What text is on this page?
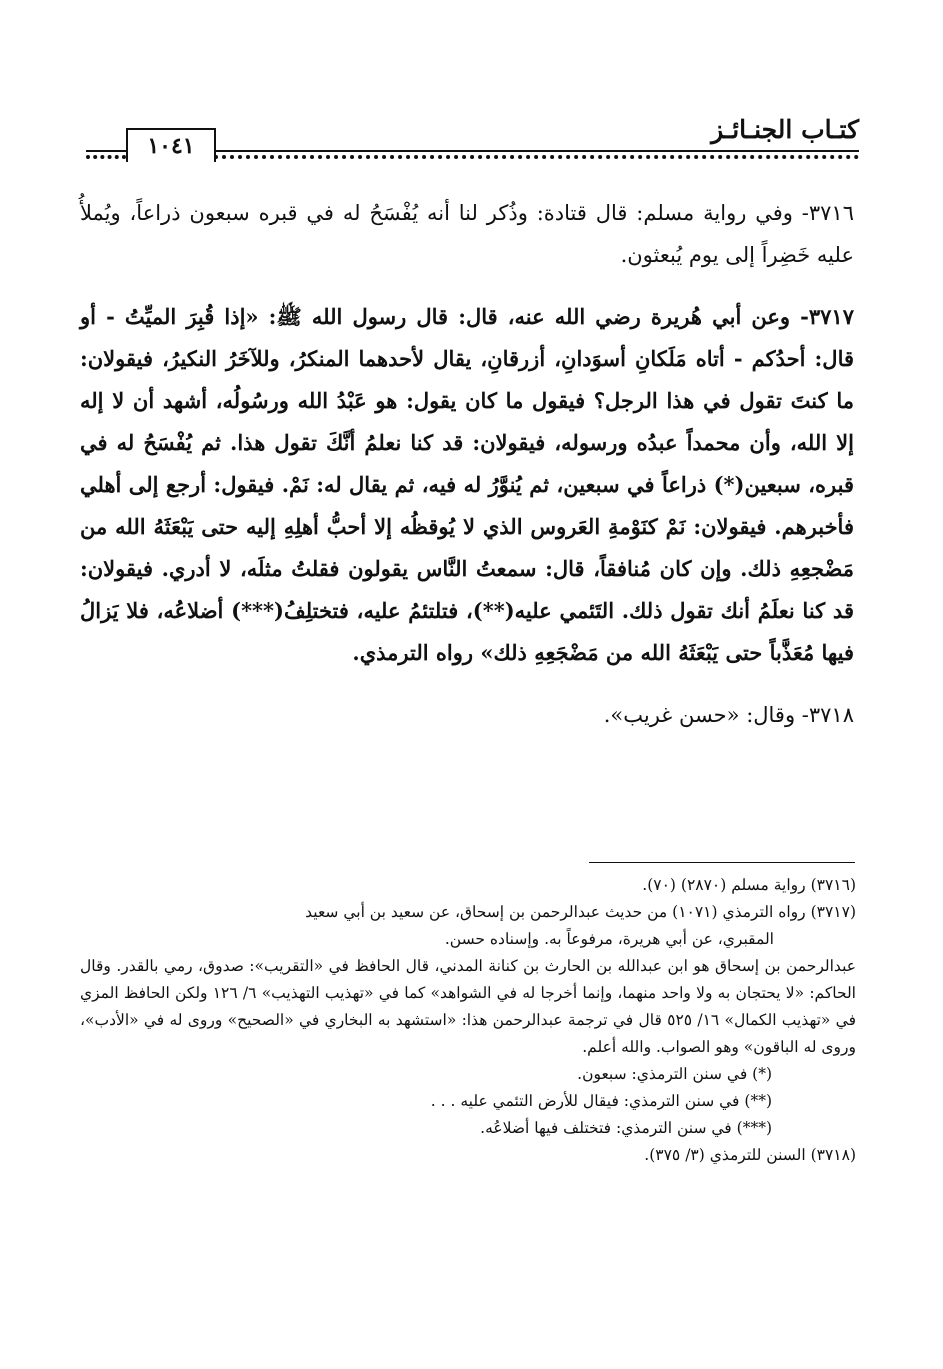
كتـاب الجنـائـز
١٠٤١

٣٧١٦- وفي رواية مسلم: قال قتادة: وذُكر لنا أنه يُفْسَحُ له في قبره سبعون ذراعاً، ويُملأُ عليه خَضِراً إلى يوم يُبعثون.

٣٧١٧- وعن أبي هُريرة رضي الله عنه، قال: قال رسول الله ﷺ: «إذا قُبِرَ الميِّتُ - أو قال: أحدُكم - أتاه مَلَكانِ أسوَدانِ، أزرقانِ، يقال لأحدهما المنكرُ، وللآخَرُ النكيرُ، فيقولان: ما كنتَ تقول في هذا الرجل؟ فيقول ما كان يقول: هو عَبْدُ الله ورسُولُه، أشهد أن لا إله إلا الله، وأن محمداً عبدُه ورسوله، فيقولان: قد كنا نعلمُ أنَّكَ تقول هذا. ثم يُفْسَحُ له في قبره، سبعين(*) ذراعاً في سبعين، ثم يُنوَّرُ له فيه، ثم يقال له: نَمْ. فيقول: أرجع إلى أهلي فأخبرهم. فيقولان: نَمْ كنَوْمةِ العَروس الذي لا يُوقظُه إلا أحبُّ أهلِهِ إليه حتى يَبْعَثَهُ الله من مَضْجعِهِ ذلك. وإن كان مُنافقاً، قال: سمعتُ النَّاس يقولون فقلتُ مثلَه، لا أدري. فيقولان: قد كنا نعلَمُ أنك تقول ذلك. التَئمي عليه(**)، فتلتئمُ عليه، فتختلِفُ(***) أضلاعُه، فلا يَزالُ فيها مُعَذَّباً حتى يَبْعَثَهُ الله من مَضْجَعِهِ ذلك» رواه الترمذي.

٣٧١٨- وقال: «حسن غريب».

(٣٧١٦) رواية مسلم (٢٨٧٠) (٧٠).

(٣٧١٧) رواه الترمذي (١٠٧١) من حديث عبدالرحمن بن إسحاق، عن سعيد بن أبي سعيد

المقبري، عن أبي هريرة، مرفوعاً به. وإسناده حسن.

عبدالرحمن بن إسحاق هو ابن عبدالله بن الحارث بن كنانة المدني، قال الحافظ في «التقريب»: صدوق، رمي بالقدر. وقال الحاكم: «لا يحتجان به ولا واحد منهما، وإنما أخرجا له في الشواهد» كما في «تهذيب التهذيب» ٦/ ١٢٦ ولكن الحافظ المزي في «تهذيب الكمال» ١٦/ ٥٢٥ قال في ترجمة عبدالرحمن هذا: «استشهد به البخاري في «الصحيح» وروى له في «الأدب»، وروى له الباقون» وهو الصواب. والله أعلم.

(*) في سنن الترمذي: سبعون.

(**) في سنن الترمذي: فيقال للأرض التئمي عليه . . .

(***) في سنن الترمذي: فتختلف فيها أضلاعُه.

(٣٧١٨) السنن للترمذي (٣/ ٣٧٥).
